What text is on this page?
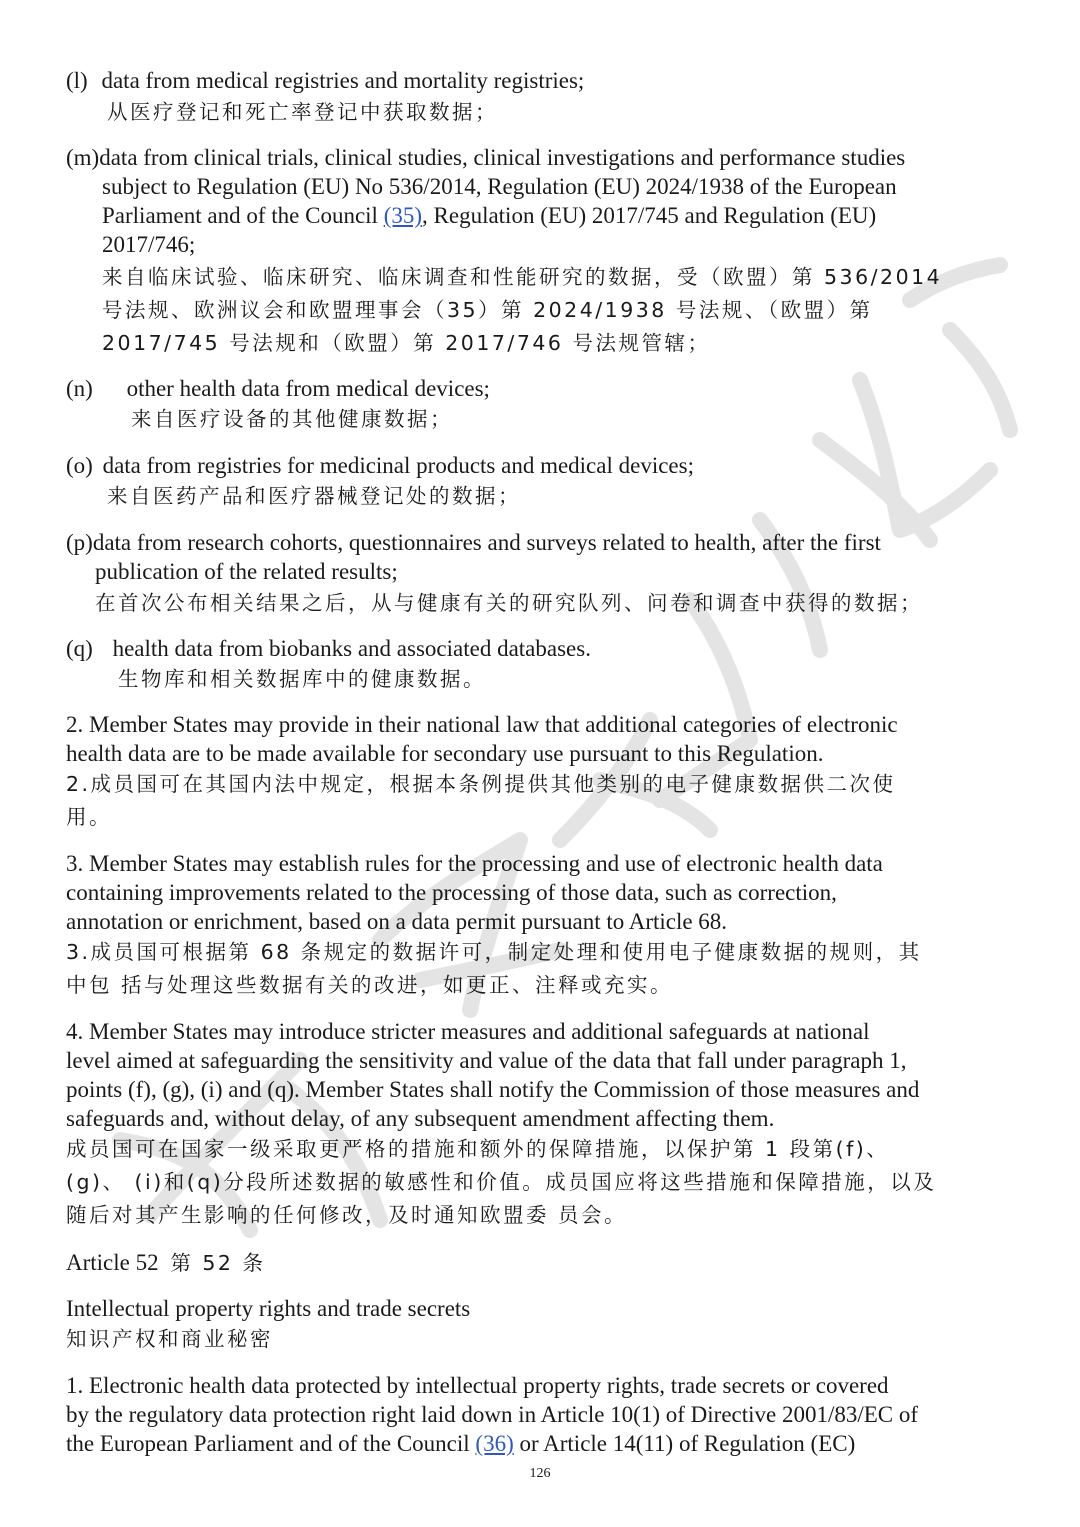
(l) data from medical registries and mortality registries;
从医疗登记和死亡率登记中获取数据；
(m)data from clinical trials, clinical studies, clinical investigations and performance studies
subject to Regulation (EU) No 536/2014, Regulation (EU) 2024/1938 of the European
Parliament and of the Council (35), Regulation (EU) 2017/745 and Regulation (EU)
2017/746;
来自临床试验、临床研究、临床调查和性能研究的数据，受（欧盟）第 536/2014
号法规、欧洲议会和欧盟理事会（35）第 2024/1938 号法规、（欧盟）第
2017/745 号法规和（欧盟）第 2017/746 号法规管辖；
(n) other health data from medical devices;
来自医疗设备的其他健康数据；
(o) data from registries for medicinal products and medical devices;
来自医药产品和医疗器械登记处的数据；
(p)data from research cohorts, questionnaires and surveys related to health, after the first
publication of the related results;
在首次公布相关结果之后，从与健康有关的研究队列、问卷和调查中获得的数据；
(q) health data from biobanks and associated databases.
生物库和相关数据库中的健康数据。
2. Member States may provide in their national law that additional categories of electronic
health data are to be made available for secondary use pursuant to this Regulation.
2.成员国可在其国内法中规定，根据本条例提供其他类别的电子健康数据供二次使
用。
3. Member States may establish rules for the processing and use of electronic health data
containing improvements related to the processing of those data, such as correction,
annotation or enrichment, based on a data permit pursuant to Article 68.
3.成员国可根据第 68 条规定的数据许可，制定处理和使用电子健康数据的规则，其
中包 括与处理这些数据有关的改进，如更正、注释或充实。
4. Member States may introduce stricter measures and additional safeguards at national
level aimed at safeguarding the sensitivity and value of the data that fall under paragraph 1,
points (f), (g), (i) and (q). Member States shall notify the Commission of those measures and
safeguards and, without delay, of any subsequent amendment affecting them.
成员国可在国家一级采取更严格的措施和额外的保障措施，以保护第 1 段第(f)、
(g)、 (i)和(q)分段所述数据的敏感性和价值。成员国应将这些措施和保障措施，以及
随后对其产生影响的任何修改，及时通知欧盟委 员会。
Article 52 第 52 条
Intellectual property rights and trade secrets
知识产权和商业秘密
1. Electronic health data protected by intellectual property rights, trade secrets or covered
by the regulatory data protection right laid down in Article 10(1) of Directive 2001/83/EC of
the European Parliament and of the Council (36) or Article 14(11) of Regulation (EC)
126
